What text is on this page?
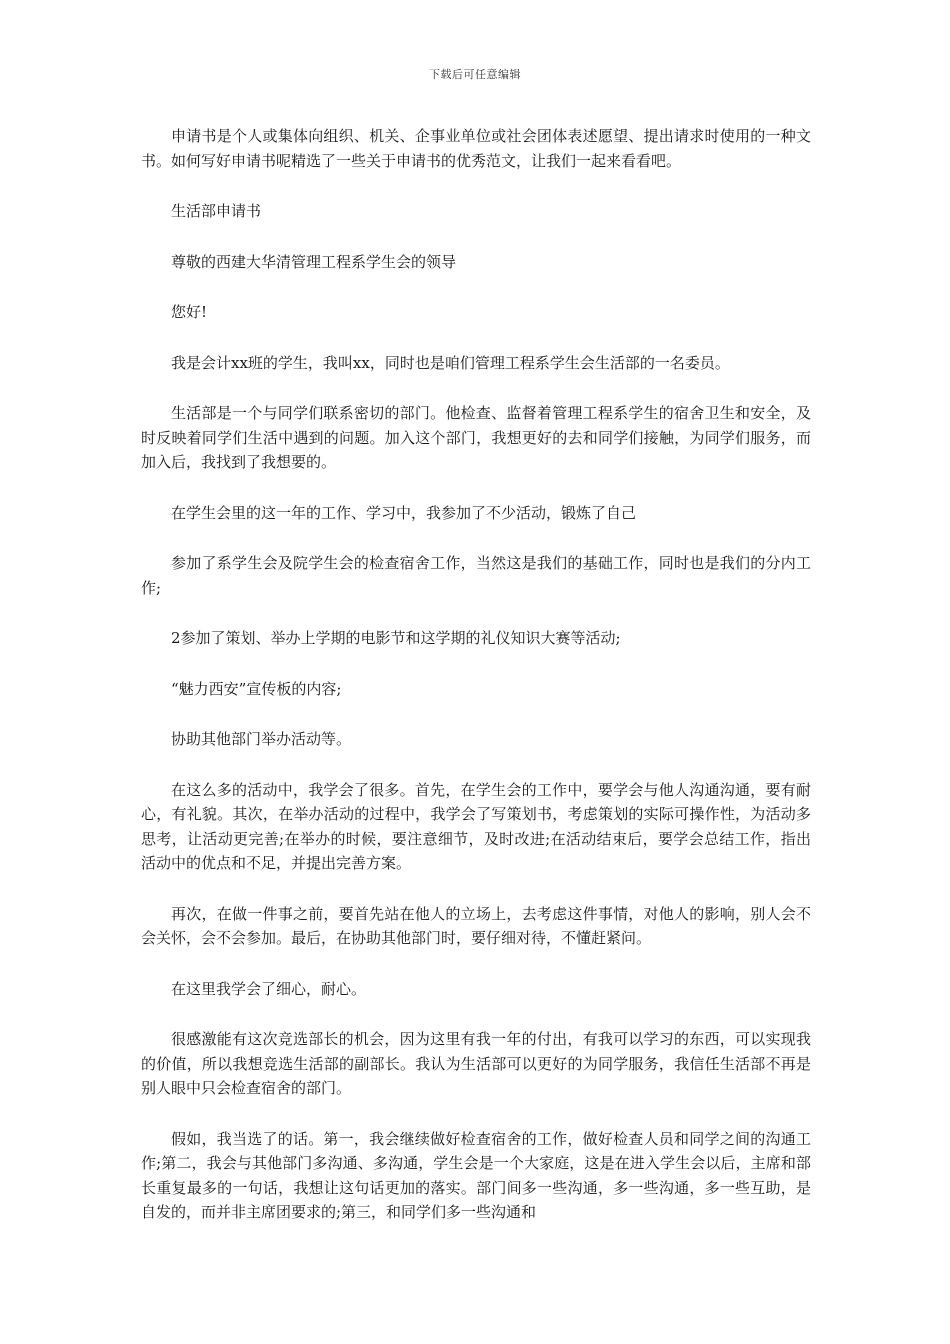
下载后可任意编辑

申请书是个人或集体向组织、机关、企事业单位或社会团体表述愿望、提出请求时使用的一种文书。如何写好申请书呢精选了一些关于申请书的优秀范文，让我们一起来看看吧。

生活部申请书

尊敬的西建大华清管理工程系学生会的领导

您好!

我是会计xx班的学生，我叫xx，同时也是咱们管理工程系学生会生活部的一名委员。

生活部是一个与同学们联系密切的部门。他检查、监督着管理工程系学生的宿舍卫生和安全，及时反映着同学们生活中遇到的问题。加入这个部门，我想更好的去和同学们接触，为同学们服务，而加入后，我找到了我想要的。

在学生会里的这一年的工作、学习中，我参加了不少活动，锻炼了自己

参加了系学生会及院学生会的检查宿舍工作，当然这是我们的基础工作，同时也是我们的分内工作;

2参加了策划、举办上学期的电影节和这学期的礼仪知识大赛等活动;

“魅力西安”宣传板的内容;

协助其他部门举办活动等。

在这么多的活动中，我学会了很多。首先，在学生会的工作中，要学会与他人沟通沟通，要有耐心，有礼貌。其次，在举办活动的过程中，我学会了写策划书，考虑策划的实际可操作性，为活动多思考，让活动更完善;在举办的时候，要注意细节，及时改进;在活动结束后，要学会总结工作，指出活动中的优点和不足，并提出完善方案。

再次，在做一件事之前，要首先站在他人的立场上，去考虑这件事情，对他人的影响，别人会不会关怀，会不会参加。最后，在协助其他部门时，要仔细对待，不懂赶紧问。

在这里我学会了细心，耐心。

很感激能有这次竞选部长的机会，因为这里有我一年的付出，有我可以学习的东西，可以实现我的价值，所以我想竞选生活部的副部长。我认为生活部可以更好的为同学服务，我信任生活部不再是别人眼中只会检查宿舍的部门。

假如，我当选了的话。第一，我会继续做好检查宿舍的工作，做好检查人员和同学之间的沟通工作;第二，我会与其他部门多沟通、多沟通，学生会是一个大家庭，这是在进入学生会以后，主席和部长重复最多的一句话，我想让这句话更加的落实。部门间多一些沟通，多一些沟通，多一些互助，是自发的，而并非主席团要求的;第三，和同学们多一些沟通和
